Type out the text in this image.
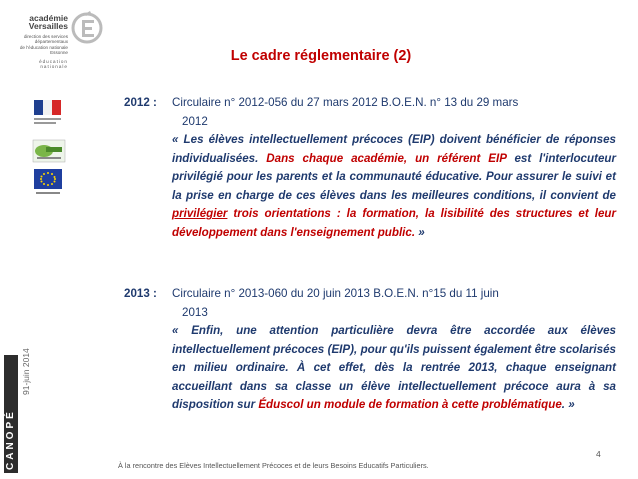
académie
Versailles
direction des services
départementaux
de l'éducation nationale
Essonne
éducation
nationale
CANOPÉ
91-juin 2014
Le cadre réglementaire (2)
2012 : Circulaire n° 2012-056 du 27 mars 2012 B.O.E.N. n° 13 du 29 mars
2012
« Les élèves intellectuellement précoces (EIP) doivent bénéficier de réponses individualisées. Dans chaque académie, un référent EIP est l'interlocuteur privilégié pour les parents et la communauté éducative. Pour assurer le suivi et la prise en charge de ces élèves dans les meilleures conditions, il convient de privilégier trois orientations : la formation, la lisibilité des structures et leur développement dans l'enseignement public. »
2013 : Circulaire n° 2013-060 du 20 juin 2013 B.O.E.N. n°15 du 11 juin
2013
« Enfin, une attention particulière devra être accordée aux élèves intellectuellement précoces (EIP), pour qu'ils puissent également être scolarisés en milieu ordinaire. À cet effet, dès la rentrée 2013, chaque enseignant accueillant dans sa classe un élève intellectuellement précoce aura à sa disposition sur Éduscol un module de formation à cette problématique. »
4
À la rencontre des Elèves Intellectuellement Précoces et de leurs Besoins Educatifs Particuliers.
